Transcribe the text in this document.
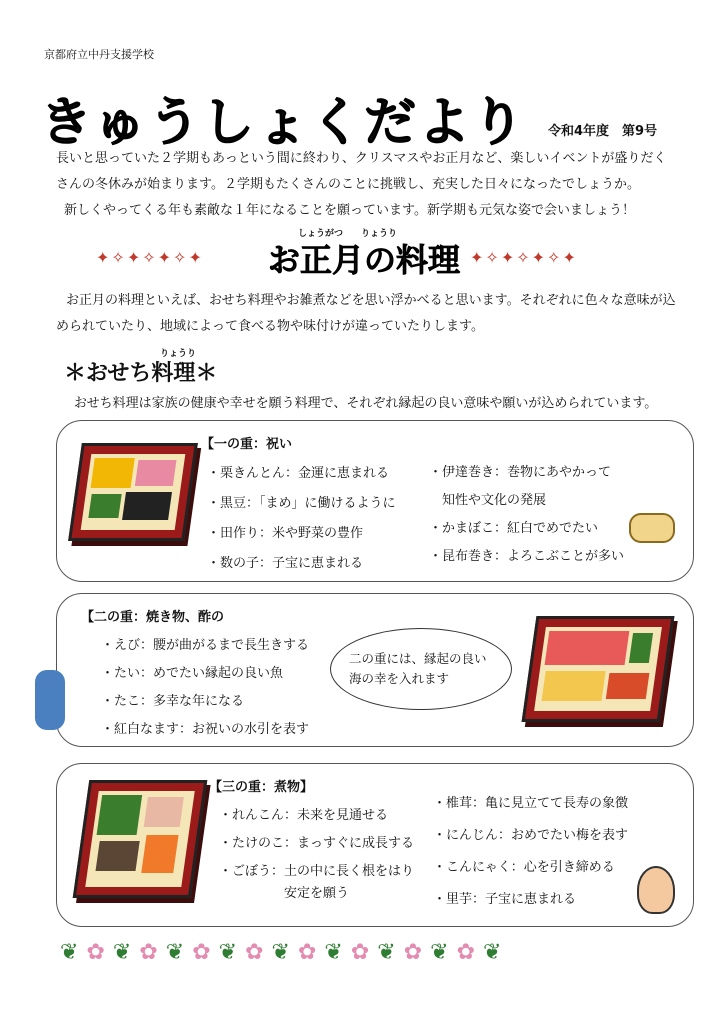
京都府立中丹支援学校
きゅうしょくだより 令和4年度　第9号
長いと思っていた２学期もあっという間に終わり、クリスマスやお正月など、楽しいイベントが盛りだく
さんの冬休みが始まります。２学期もたくさんのことに挑戦し、充実した日々になったでしょうか。
新しくやってくる年も素敵な１年になることを願っています。新学期も元気な姿で会いましょう！
✦✧✦✧✦✧✦	✦✧✦✧✦✧✦
しょうがつ　　りょうり
お正月の料理
お正月の料理といえば、おせち料理やお雑煮などを思い浮かべると思います。それぞれに色々な意味が込
められていたり、地域によって食べる物や味付けが違っていたりします。
りょうり
＊おせち料理＊
おせち料理は家族の健康や幸せを願う料理で、それぞれ縁起の良い意味や願いが込められています。
【一の重：祝い
・栗きんとん：金運に恵まれる
・黒豆：「まめ」に働けるように
・田作り：米や野菜の豊作
・数の子：子宝に恵まれる
・伊達巻き：巻物にあやかって
　知性や文化の発展
・かまぼこ：紅白でめでたい
・昆布巻き：よろこぶことが多い
【二の重：焼き物、酢の
・えび：腰が曲がるまで長生きする
・たい：めでたい縁起の良い魚
・たこ：多幸な年になる
・紅白なます：お祝いの水引を表す
二の重には、縁起の良い
海の幸を入れます
【三の重：煮物】
・れんこん：未来を見通せる
・たけのこ：まっすぐに成長する
・ごぼう：土の中に長く根をはり
　　　　　安定を願う
・椎茸：亀に見立てて長寿の象徴
・にんじん：おめでたい梅を表す
・こんにゃく：心を引き締める
・里芋：子宝に恵まれる
❦✿❦✿❦✿❦✿❦✿❦✿❦✿❦✿❦
